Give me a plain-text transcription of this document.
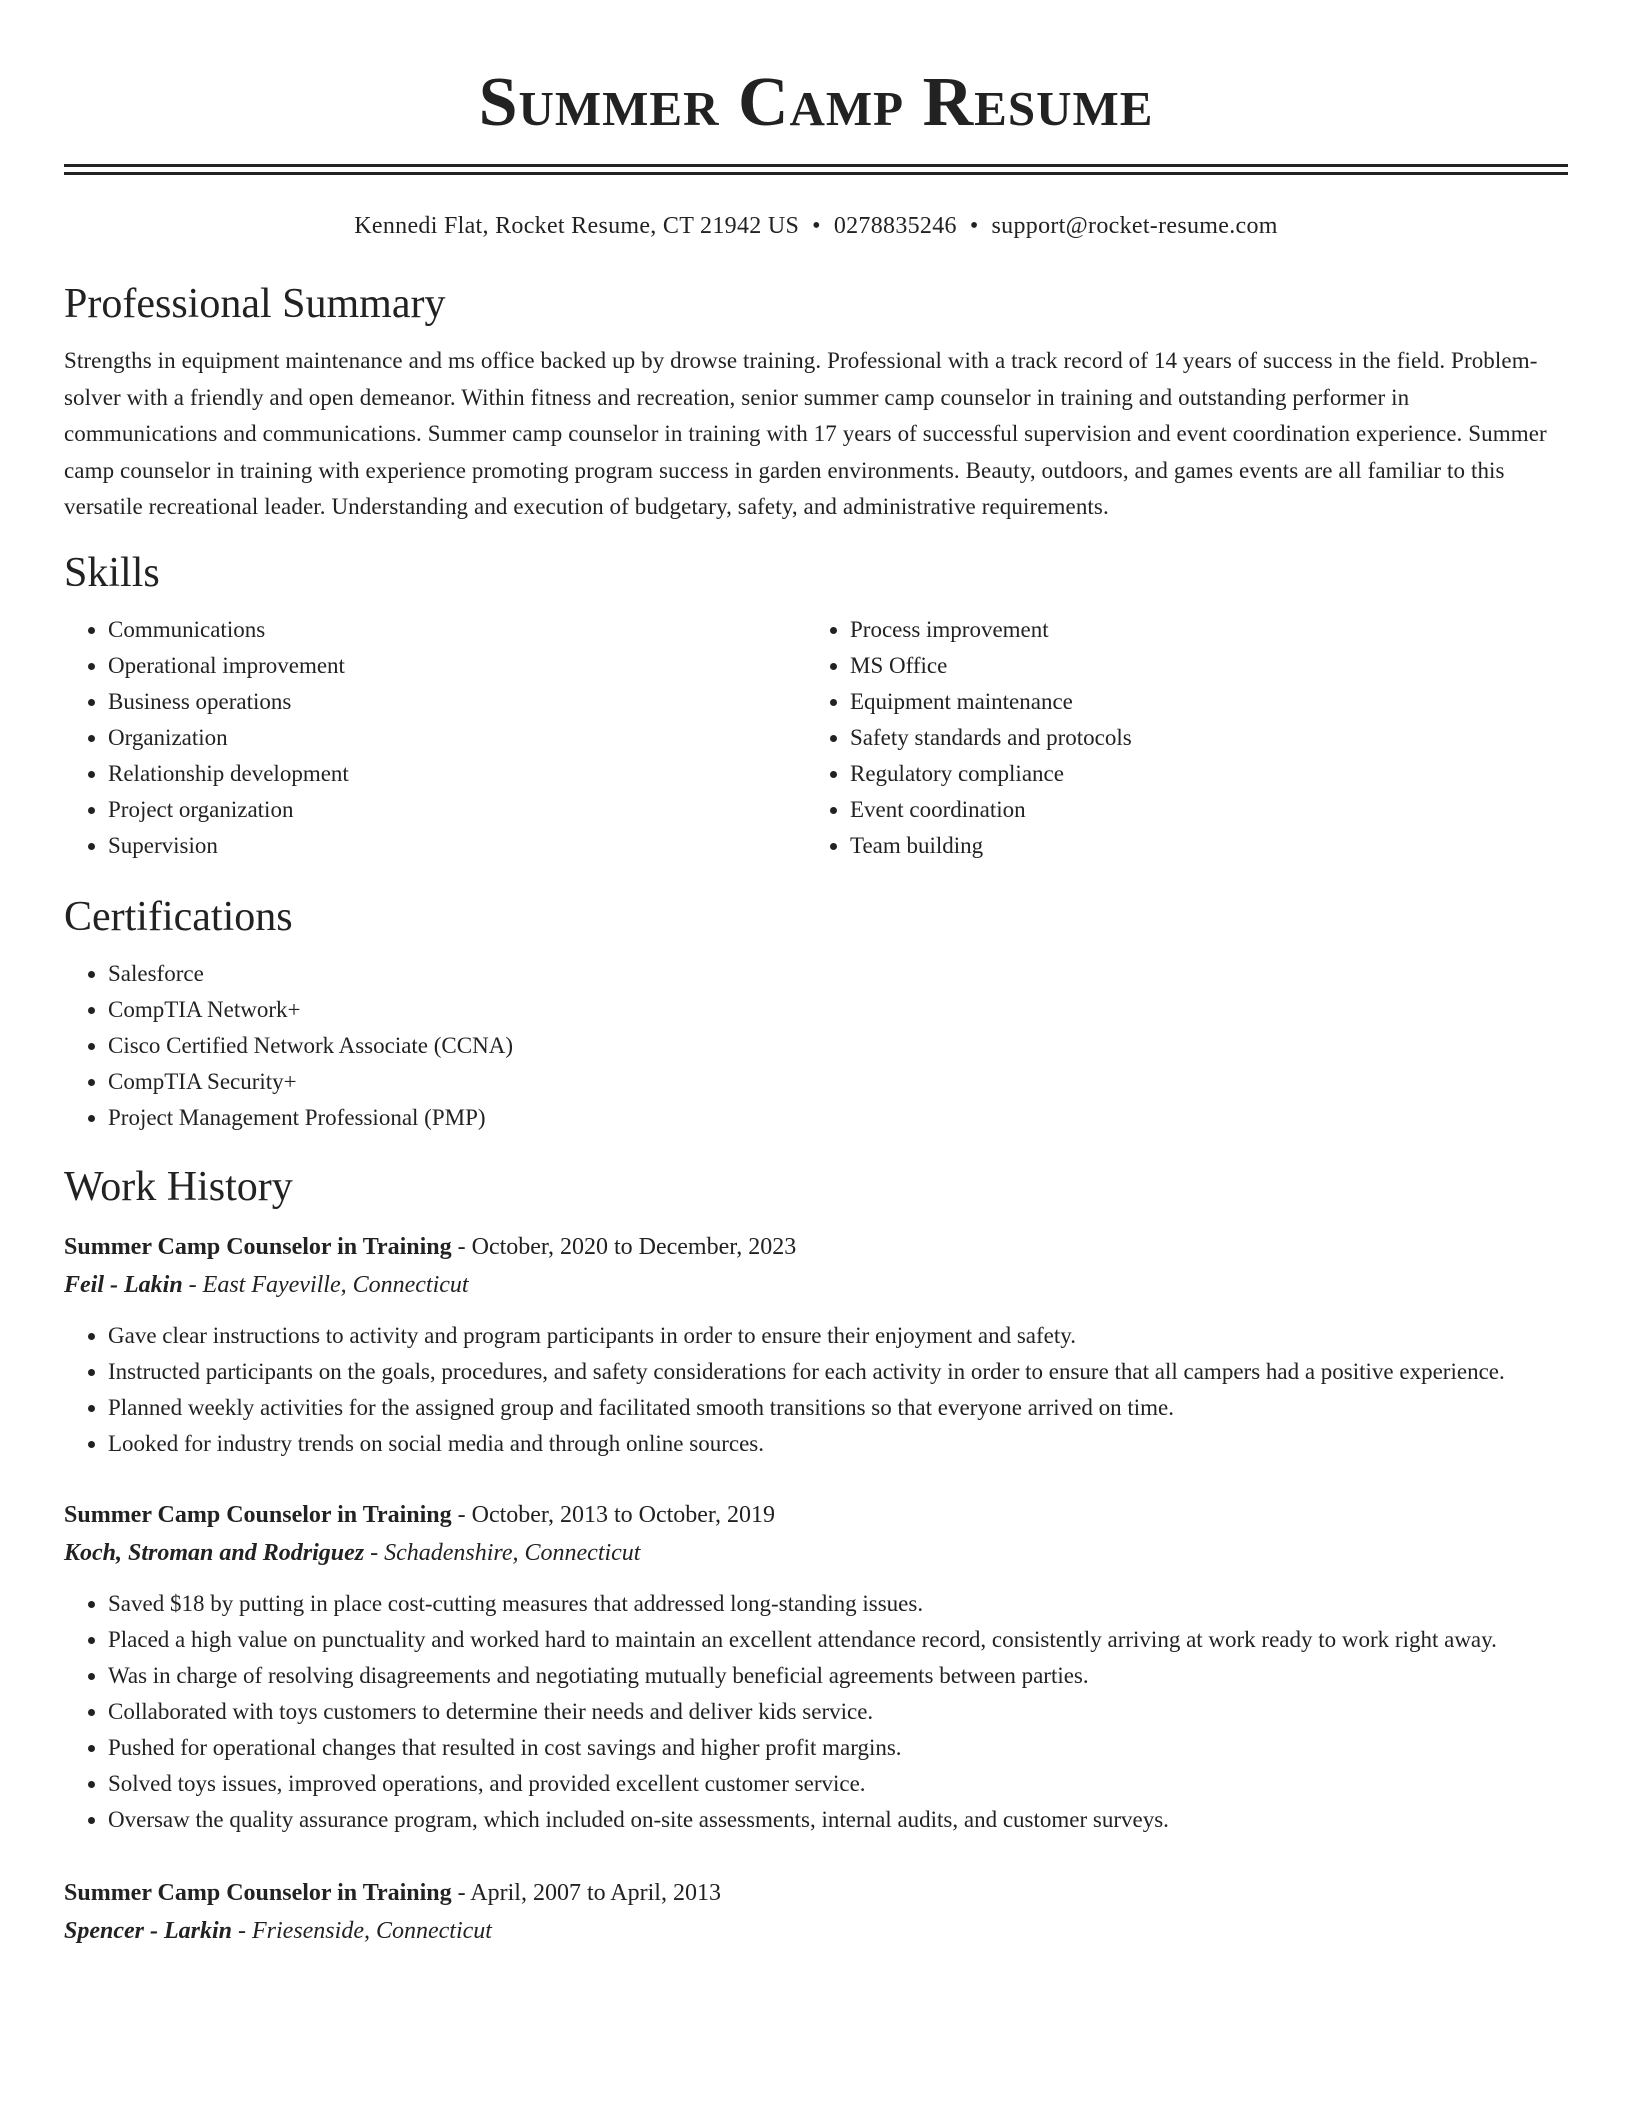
Summer Camp Resume
Kennedi Flat, Rocket Resume, CT 21942 US • 0278835246 • support@rocket-resume.com
Professional Summary
Strengths in equipment maintenance and ms office backed up by drowse training. Professional with a track record of 14 years of success in the field. Problem-solver with a friendly and open demeanor. Within fitness and recreation, senior summer camp counselor in training and outstanding performer in communications and communications. Summer camp counselor in training with 17 years of successful supervision and event coordination experience. Summer camp counselor in training with experience promoting program success in garden environments. Beauty, outdoors, and games events are all familiar to this versatile recreational leader. Understanding and execution of budgetary, safety, and administrative requirements.
Skills
• Communications
• Operational improvement
• Business operations
• Organization
• Relationship development
• Project organization
• Supervision
• Process improvement
• MS Office
• Equipment maintenance
• Safety standards and protocols
• Regulatory compliance
• Event coordination
• Team building
Certifications
• Salesforce
• CompTIA Network+
• Cisco Certified Network Associate (CCNA)
• CompTIA Security+
• Project Management Professional (PMP)
Work History
Summer Camp Counselor in Training - October, 2020 to December, 2023
Feil - Lakin - East Fayeville, Connecticut
• Gave clear instructions to activity and program participants in order to ensure their enjoyment and safety.
• Instructed participants on the goals, procedures, and safety considerations for each activity in order to ensure that all campers had a positive experience.
• Planned weekly activities for the assigned group and facilitated smooth transitions so that everyone arrived on time.
• Looked for industry trends on social media and through online sources.
Summer Camp Counselor in Training - October, 2013 to October, 2019
Koch, Stroman and Rodriguez - Schadenshire, Connecticut
• Saved $18 by putting in place cost-cutting measures that addressed long-standing issues.
• Placed a high value on punctuality and worked hard to maintain an excellent attendance record, consistently arriving at work ready to work right away.
• Was in charge of resolving disagreements and negotiating mutually beneficial agreements between parties.
• Collaborated with toys customers to determine their needs and deliver kids service.
• Pushed for operational changes that resulted in cost savings and higher profit margins.
• Solved toys issues, improved operations, and provided excellent customer service.
• Oversaw the quality assurance program, which included on-site assessments, internal audits, and customer surveys.
Summer Camp Counselor in Training - April, 2007 to April, 2013
Spencer - Larkin - Friesenside, Connecticut
